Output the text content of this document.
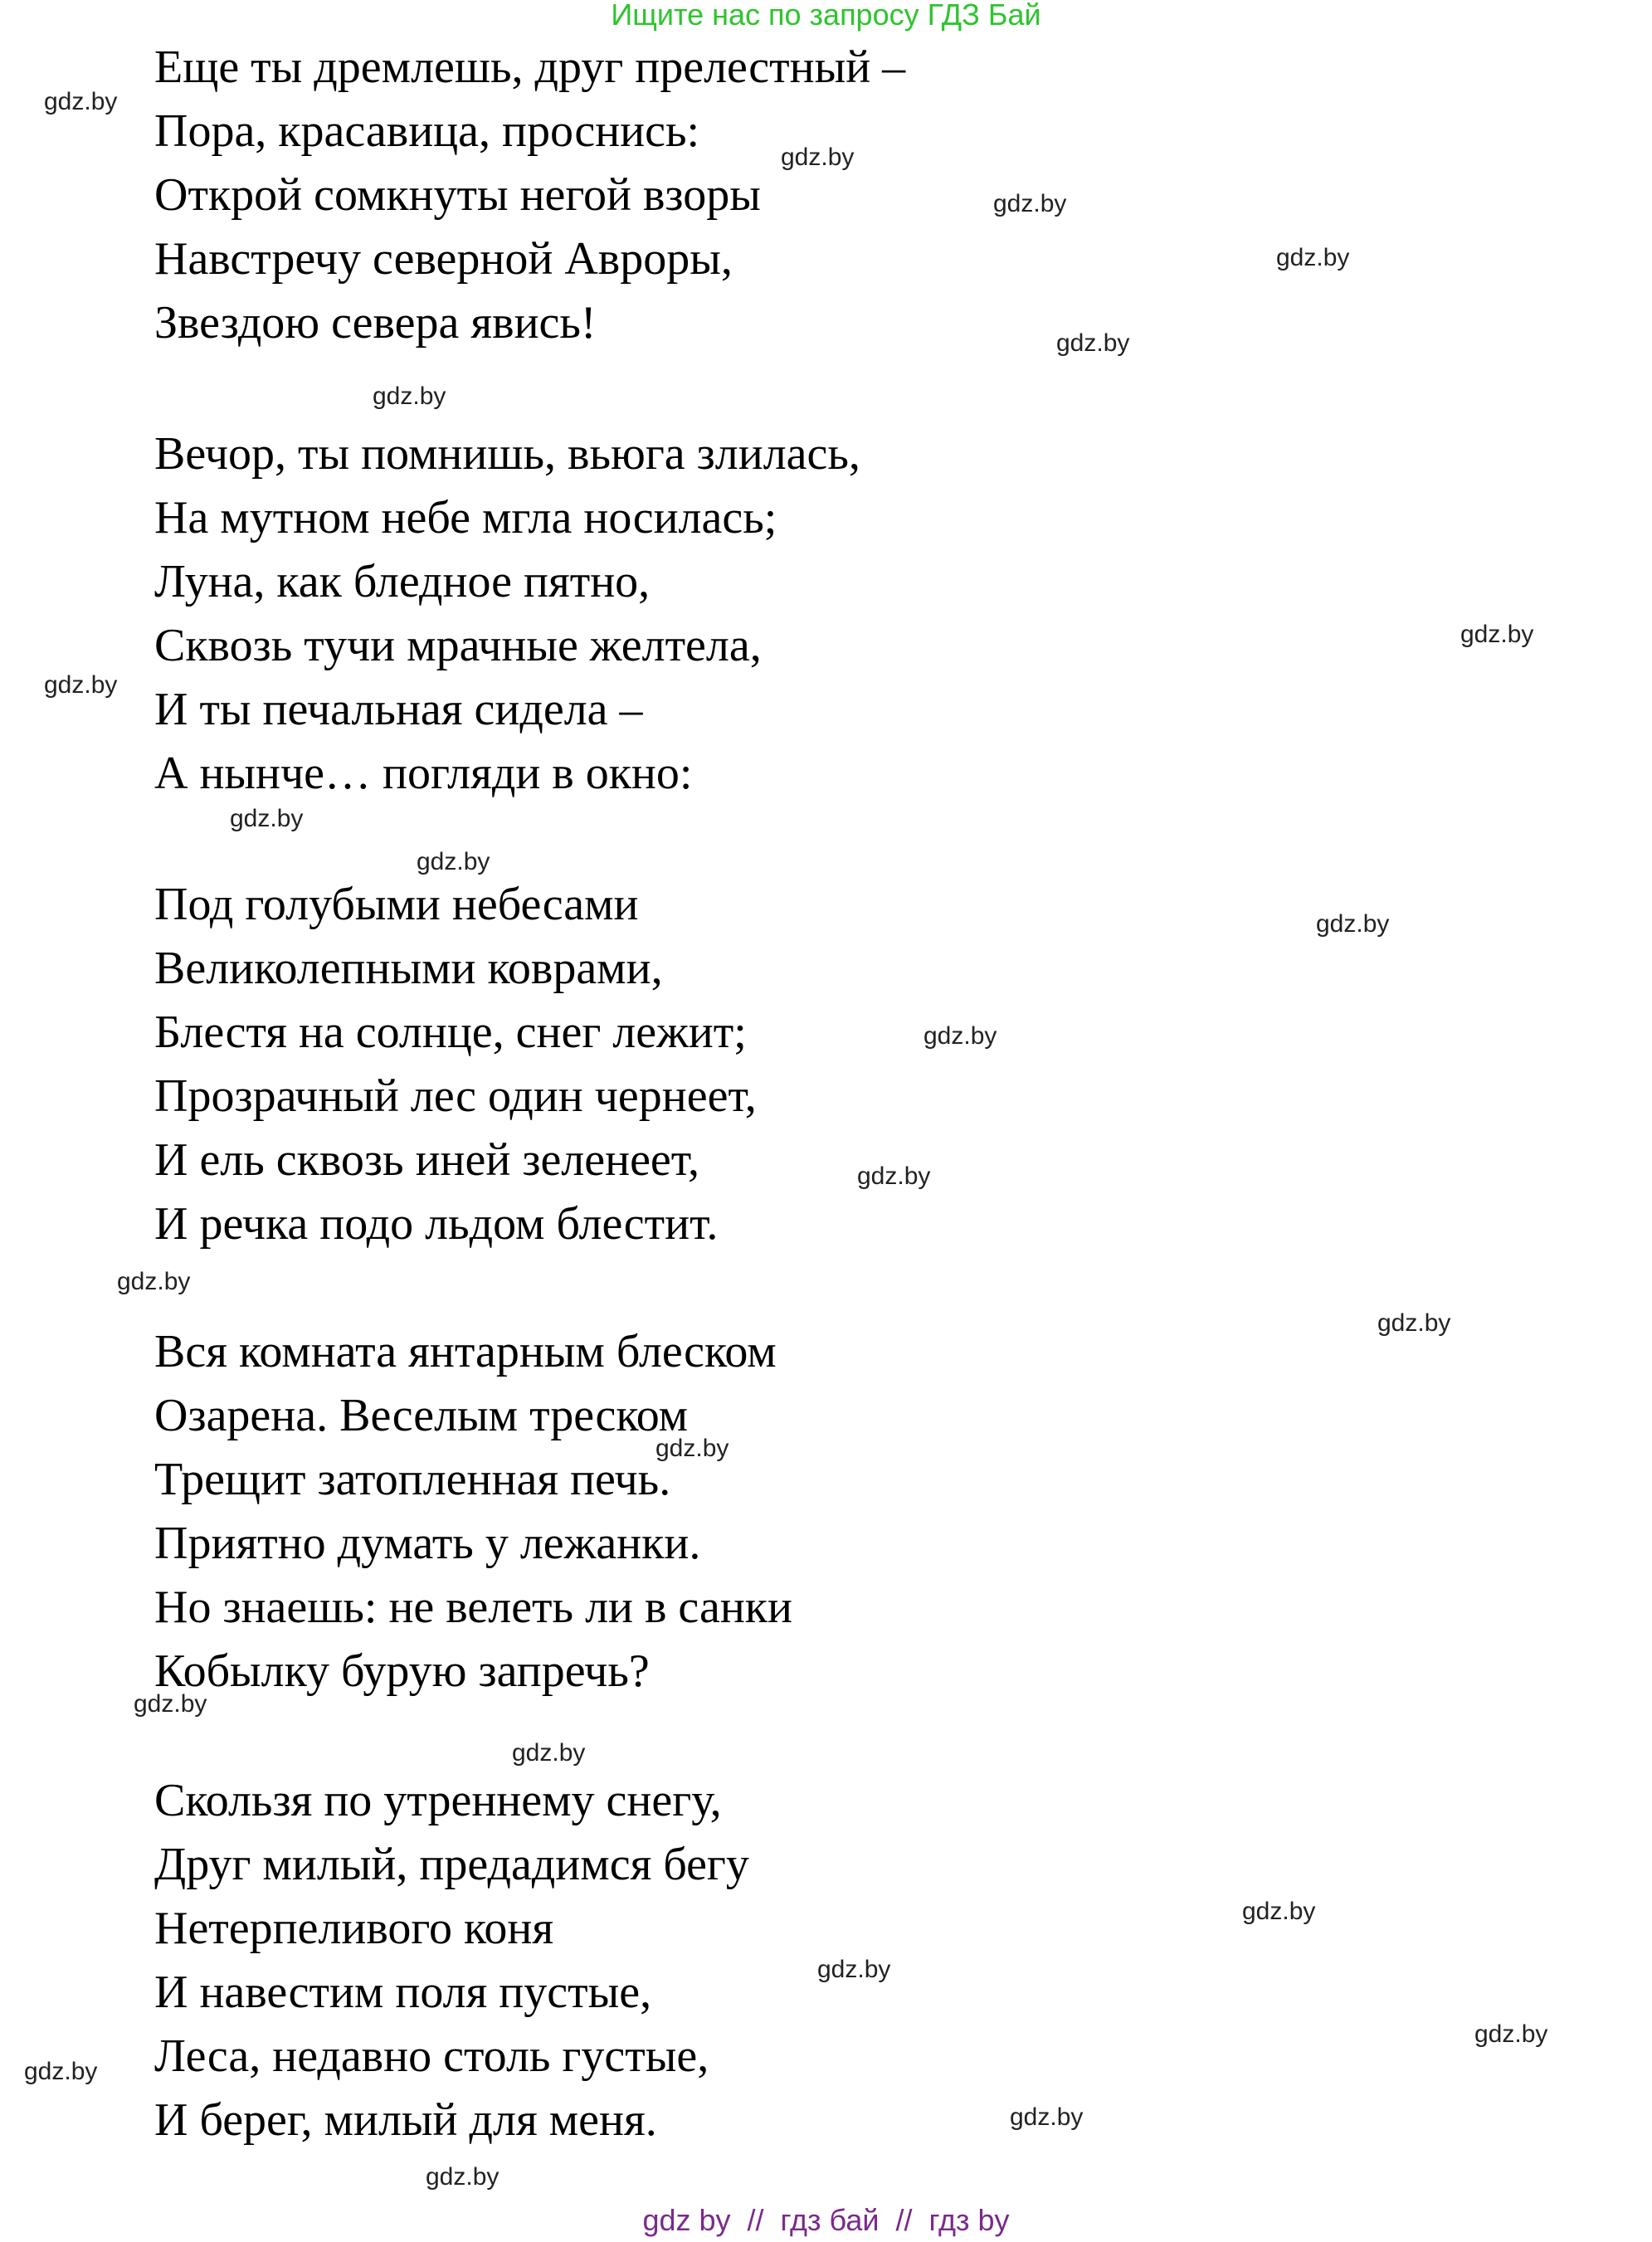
Ищите нас по запросу ГДЗ Бай
Еще ты дремлешь, друг прелестный –
Пора, красавица, проснись:
Открой сомкнуты негой взоры
Навстречу северной Авроры,
Звездою севера явись!
Вечор, ты помнишь, вьюга злилась,
На мутном небе мгла носилась;
Луна, как бледное пятно,
Сквозь тучи мрачные желтела,
И ты печальная сидела –
А нынче… погляди в окно:
Под голубыми небесами
Великолепными коврами,
Блестя на солнце, снег лежит;
Прозрачный лес один чернеет,
И ель сквозь иней зеленеет,
И речка подо льдом блестит.
Вся комната янтарным блеском
Озарена. Веселым треском
Трещит затопленная печь.
Приятно думать у лежанки.
Но знаешь: не велеть ли в санки
Кобылку бурую запречь?
Скользя по утреннему снегу,
Друг милый, предадимся бегу
Нетерпеливого коня
И навестим поля пустые,
Леса, недавно столь густые,
И берег, милый для меня.
gdz.by
gdz.by
gdz.by
gdz.by
gdz.by
gdz.by
gdz.by
gdz.by
gdz.by
gdz.by
gdz.by
gdz.by
gdz.by
gdz.by
gdz.by
gdz.by
gdz.by
gdz.by
gdz.by
gdz.by
gdz.by
gdz.by
gdz.by
gdz.by
gdz by  //  гдз бай  //  гдз by
